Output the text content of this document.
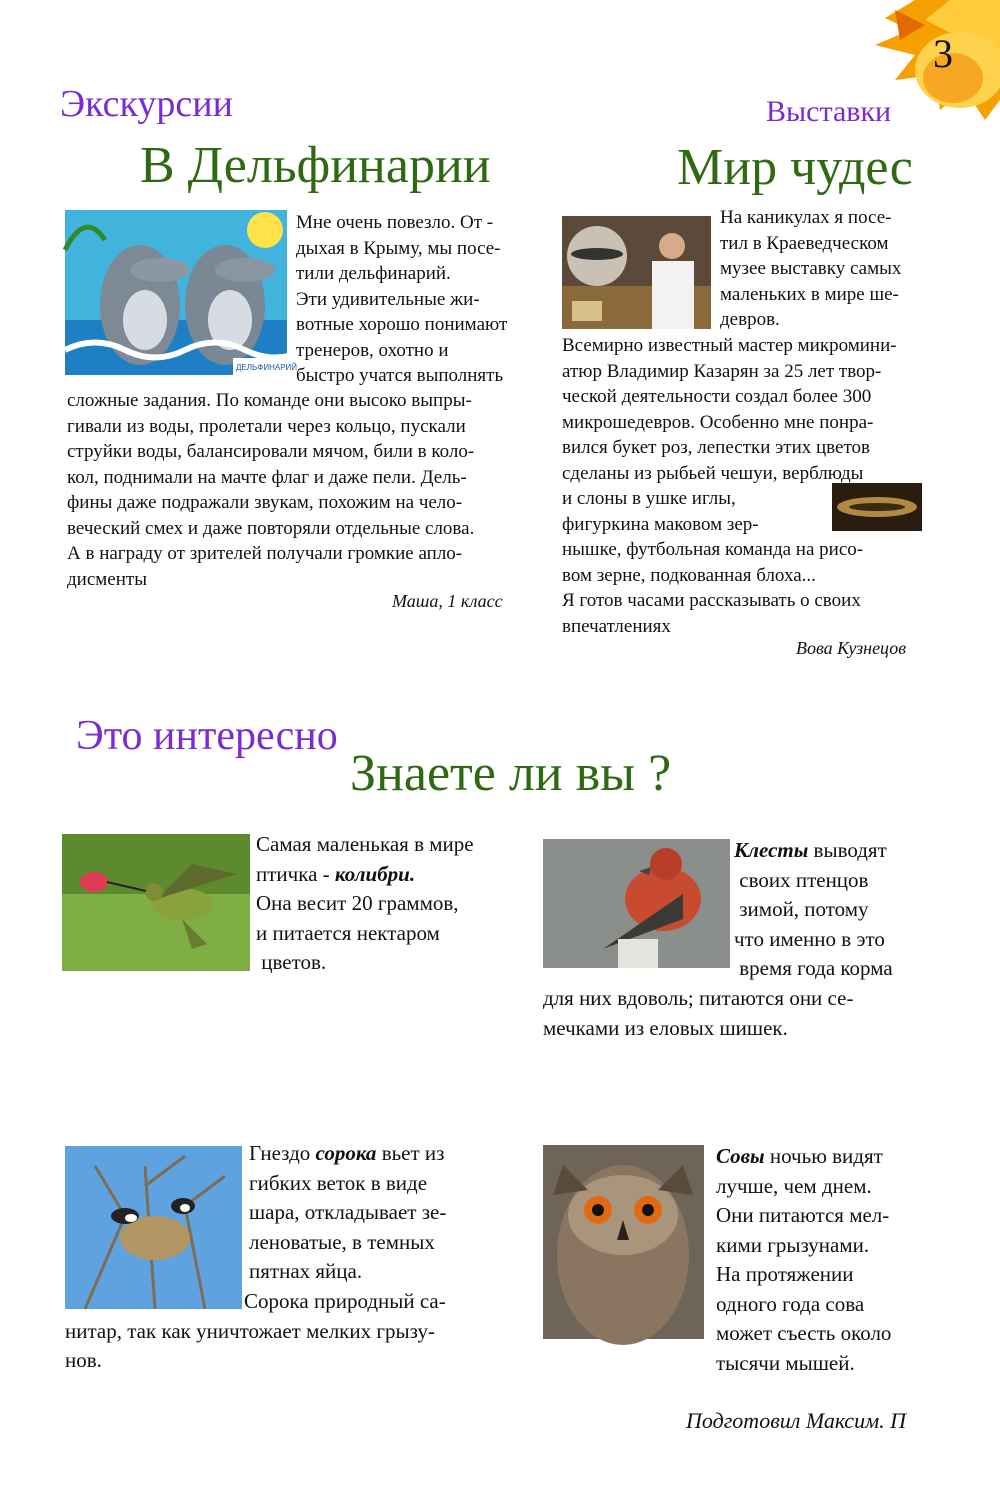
3
Экскурсии
В Дельфинарии
ДЕЛЬФИНАРИЙ
Мне очень повезло. От -
дыхая в Крыму, мы посе-
тили дельфинарий.
Эти удивительные жи-
вотные хорошо понимают
тренеров, охотно и
быстро учатся выполнять
сложные задания. По команде они высоко выпры-
гивали из воды, пролетали через кольцо, пускали
струйки воды, балансировали мячом, били в коло-
кол, поднимали на мачте флаг и даже пели. Дель-
фины даже подражали звукам, похожим на чело-
веческий смех и даже повторяли отдельные слова.
А в награду от зрителей получали громкие апло-
дисменты
Маша, 1 класс
Выставки
Мир чудес
На каникулах я посе-
тил в Краеведческом
музее выставку самых
маленьких в мире ше-
девров.
Всемирно известный мастер микромини-
атюр Владимир Казарян за 25 лет твор-
ческой деятельности создал более 300
микрошедевров. Особенно мне понра-
вился букет роз, лепестки этих цветов
сделаны из рыбьей чешуи, верблюды
и слоны в ушке иглы,
фигуркина маковом зер-
нышке, футбольная команда на рисо-
вом зерне, подкованная блоха...
Я готов часами рассказывать о своих
впечатлениях
Вова Кузнецов
Это интересно
Знаете ли вы ?
Самая маленькая в мире
птичка - колибри.
Она весит 20 граммов,
и питается нектаром
цветов.
Клесты выводят
своих птенцов
зимой, потому
что именно в это
время года корма
для них вдоволь; питаются они се-
мечками из еловых шишек.
Гнездо сорока вьет из
гибких веток в виде
шара, откладывает зе-
леноватые, в темных
пятнах яйца.
Сорока природный са-
нитар, так как уничтожает мелких грызу-
нов.
Совы ночью видят
лучше, чем днем.
Они питаются мел-
кими грызунами.
На протяжении
одного года сова
может съесть около
тысячи мышей.
Подготовил Максим. П
